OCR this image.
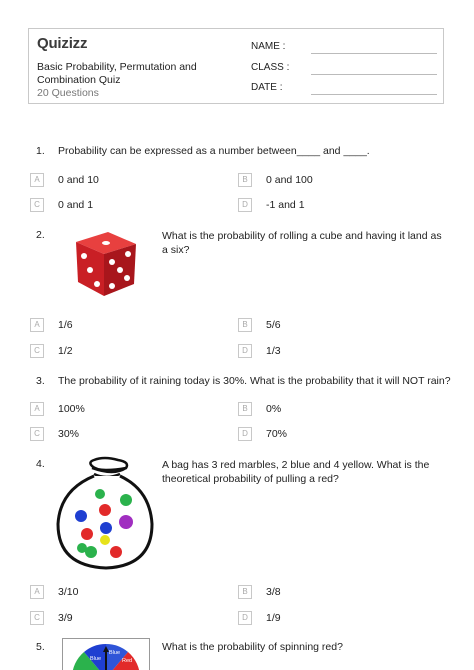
Quizizz
Basic Probability, Permutation and Combination Quiz
20 Questions
NAME :
CLASS :
DATE :
1. Probability can be expressed as a number between____ and ____.
A	0 and 10	B	0 and 100
C	0 and 1	D	-1 and 1
2.	What is the probability of rolling a cube and having it land as a six?
A	1/6	B	5/6
C	1/2	D	1/3
3. The probability of it raining today is 30%. What is the probability that it will NOT rain?
A	100%	B	0%
C	30%	D	70%
4.	A bag has 3 red marbles, 2 blue and 4 yellow. What is the theoretical probability of pulling a red?
A	3/10	B	3/8
C	3/9	D	1/9
5.
Blue
Blue
Red
What is the probability of spinning red?
